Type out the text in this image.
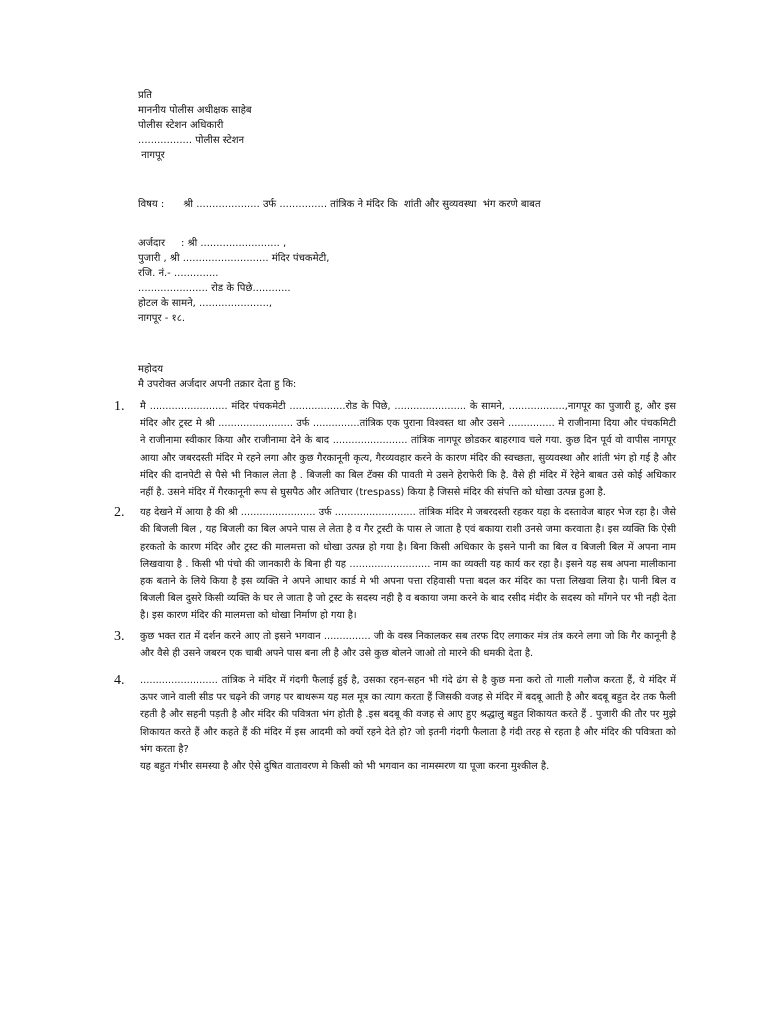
प्रति
माननीय पोलीस अधीक्षक साहेब
पोलीस स्टेशन अधिकारी
................. पोलीस स्टेशन
नागपूर
विषय :      श्री .................... उर्फ ............... तांत्रिक ने मंदिर कि  शांती और सुव्यवस्था  भंग करणे बाबत
अर्जदार     : श्री ......................... ,
पुजारी , श्री ........................... मंदिर पंचकमेटी,
रजि. नं.- ..............
...................... रोड के पिछे............
होटल के सामने, ......................,
नागपूर - १८.
महोदय
मै उपरोक्त अर्जदार अपनी तक्रार देता हु कि:
1. मै ......................... मंदिर पंचकमेटी ..................रोड के पिछे, ....................... के सामने, ..................,नागपूर का पुजारी हू, और इस मंदिर और ट्रस्ट मे श्री ........................ उर्फ ...............तांत्रिक एक पुराना विश्वस्त था और उसने ............... मे राजीनामा दिया और पंचकमिटी ने राजीनामा स्वीकार किया और राजीनामा देने के बाद ........................ तांत्रिक नागपूर छोडकर बाहरगाव चले गया. कुछ दिन पूर्व वो वापीस नागपूर आया और जबरदस्ती मंदिर मे रहने लगा और कुछ गैरकानूनी कृत्य, गैरव्यवहार करने के कारण मंदिर की स्वच्छता, सुव्यवस्था और शांती भंग हो गई है और मंदिर की दानपेटी से पैसे भी निकाल लेता है . बिजली का बिल टॅक्स की पावती मे उसने हेराफेरी कि है. वैसे ही मंदिर में रेहेने बाबत उसे कोई अधिकार नहीं है. उसने मंदिर में गैरकानूनी रूप से घुसपैठ और अतिचार (trespass) किया है जिससे मंदिर की संपत्ति को धोखा उत्पन्न हुआ है.
2. यह देखने में आया है की श्री ........................ उर्फ .......................... तांत्रिक मंदिर मे जबरदस्ती रहकर यहा के दस्तावेज बाहर भेज रहा है। जैसे की बिजली बिल , यह बिजली का बिल अपने पास ले लेता है व गैर ट्रस्टी के पास ले जाता है एवं बकाया राशी उनसे जमा करवाता है। इस व्यक्ति कि ऐसी हरकतो के कारण मंदिर और ट्रस्ट की मालमत्ता को धोखा उत्पन्न हो गया है। बिना किसी अधिकार के इसने पानी का बिल व बिजली बिल में अपना नाम लिखवाया है . किसी भी पंचो की जानकारी के बिना ही यह .......................... नाम का व्यक्ती यह कार्य कर रहा है। इसने यह सब अपना मालीकाना हक बताने के लिये किया है इस व्यक्ति ने अपने आधार कार्ड मे भी अपना पत्ता रहिवासी पत्ता बदल कर मंदिर का पत्ता लिखवा लिया है। पानी बिल व बिजली बिल दुसरे किसी व्यक्ति के घर ले जाता है जो ट्रस्ट के सदस्य नही है व बकाया जमा करने के बाद रसीद मंदीर के सदस्य को मॉंगने पर भी नही देता है। इस कारण मंदिर की मालमत्ता को धोखा निर्माण हो गया है।
3. कुछ भक्त रात में दर्शन करने आए तो इसने भगवान ............... जी के वस्त्र निकालकर सब तरफ दिए लगाकर मंत्र तंत्र करने लगा जो कि गैर कानूनी है और वैसे ही उसने जबरन एक चाबी अपने पास बना ली है और उसे कुछ बोलने जाओ तो मारने की धमकी देता है.
4. ......................... तांत्रिक ने मंदिर में गंदगी फैलाई हुई है, उसका रहन-सहन भी गंदे ढंग से है कुछ मना करो तो गाली गलौज करता हैं, ये मंदिर में ऊपर जाने वाली सीड पर चढ़ने की जगह पर बाथरूम यह मल मूत्र का त्याग करता हैं जिसकी वजह से मंदिर में बदबू आती है और बदबू बहुत देर तक फैली रहती है और सहनी पड़ती है और मंदिर की पवित्रता भंग होती है .इस बदबू की वजह से आए हुए श्रद्धालु बहुत शिकायत करते हैं . पुजारी की तौर पर मुझे शिकायत करते हैं और कहते हैं की मंदिर में इस आदमी को क्यों रहने देते हो? जो इतनी गंदगी फैलाता है गंदी तरह से रहता है और मंदिर की पवित्रता को भंग करता है?
यह बहुत गंभीर समस्या है और ऐसे दुषित वातावरण मे किसी को भी भगवान का नामस्मरण या पूजा करना मुश्कील है.
